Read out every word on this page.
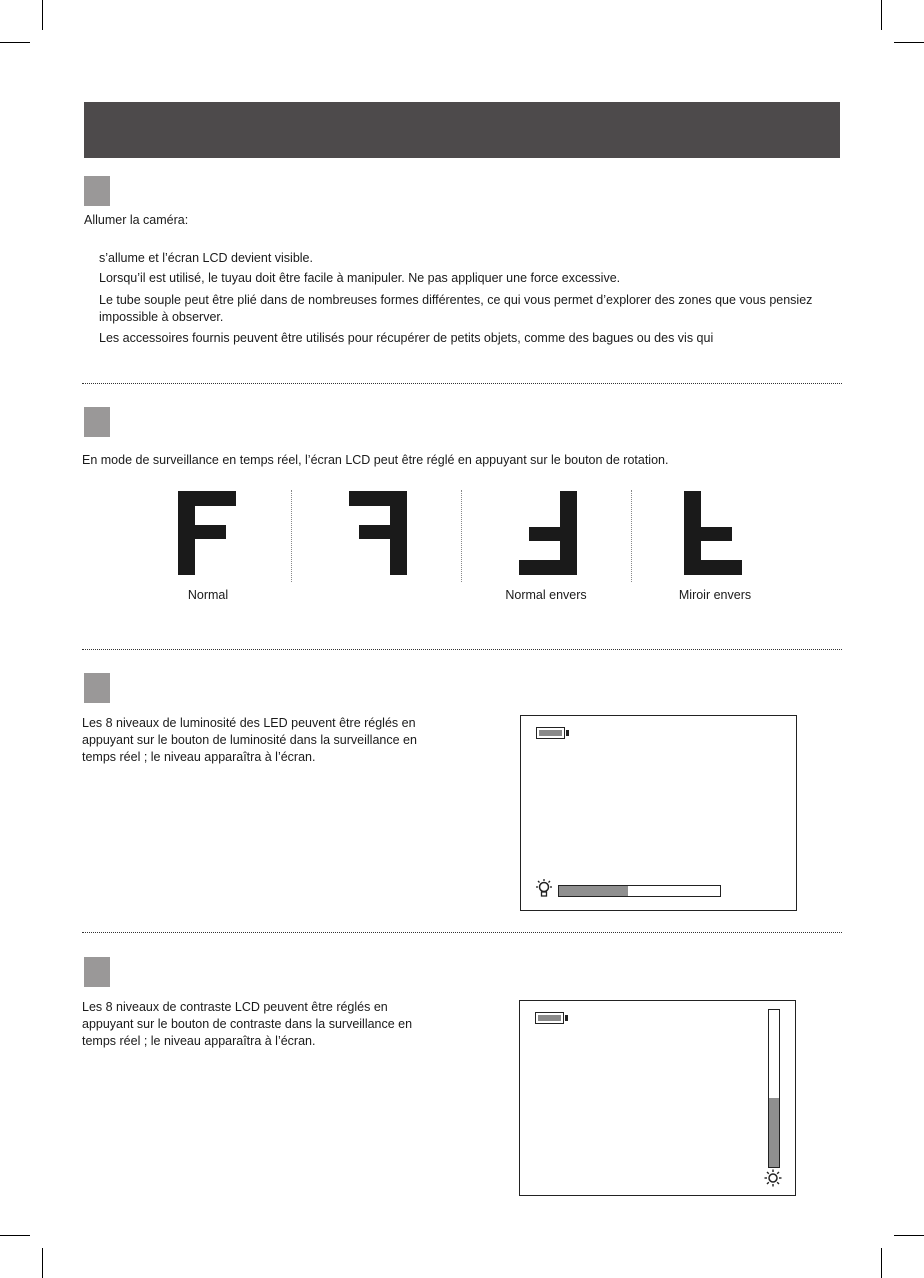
Allumer la caméra:
s’allume et l’écran LCD devient visible.
Lorsqu’il est utilisé, le tuyau doit être facile à manipuler. Ne pas appliquer une force excessive.
Le tube souple peut être plié dans de nombreuses formes différentes, ce qui vous permet d’explorer des zones que vous pensiez impossible à observer.
Les accessoires fournis peuvent être utilisés pour récupérer de petits objets, comme des bagues ou des vis qui
En mode de surveillance en temps réel, l’écran LCD peut être réglé en appuyant sur le bouton de rotation.
Normal	Normal envers	Miroir envers
Les 8 niveaux de luminosité des LED peuvent être réglés en appuyant sur le bouton de luminosité dans la surveillance en temps réel ; le niveau apparaîtra à l’écran.
Les 8 niveaux de contraste LCD peuvent être réglés en appuyant sur le bouton de contraste dans la surveillance en temps réel ; le niveau apparaîtra à l’écran.
